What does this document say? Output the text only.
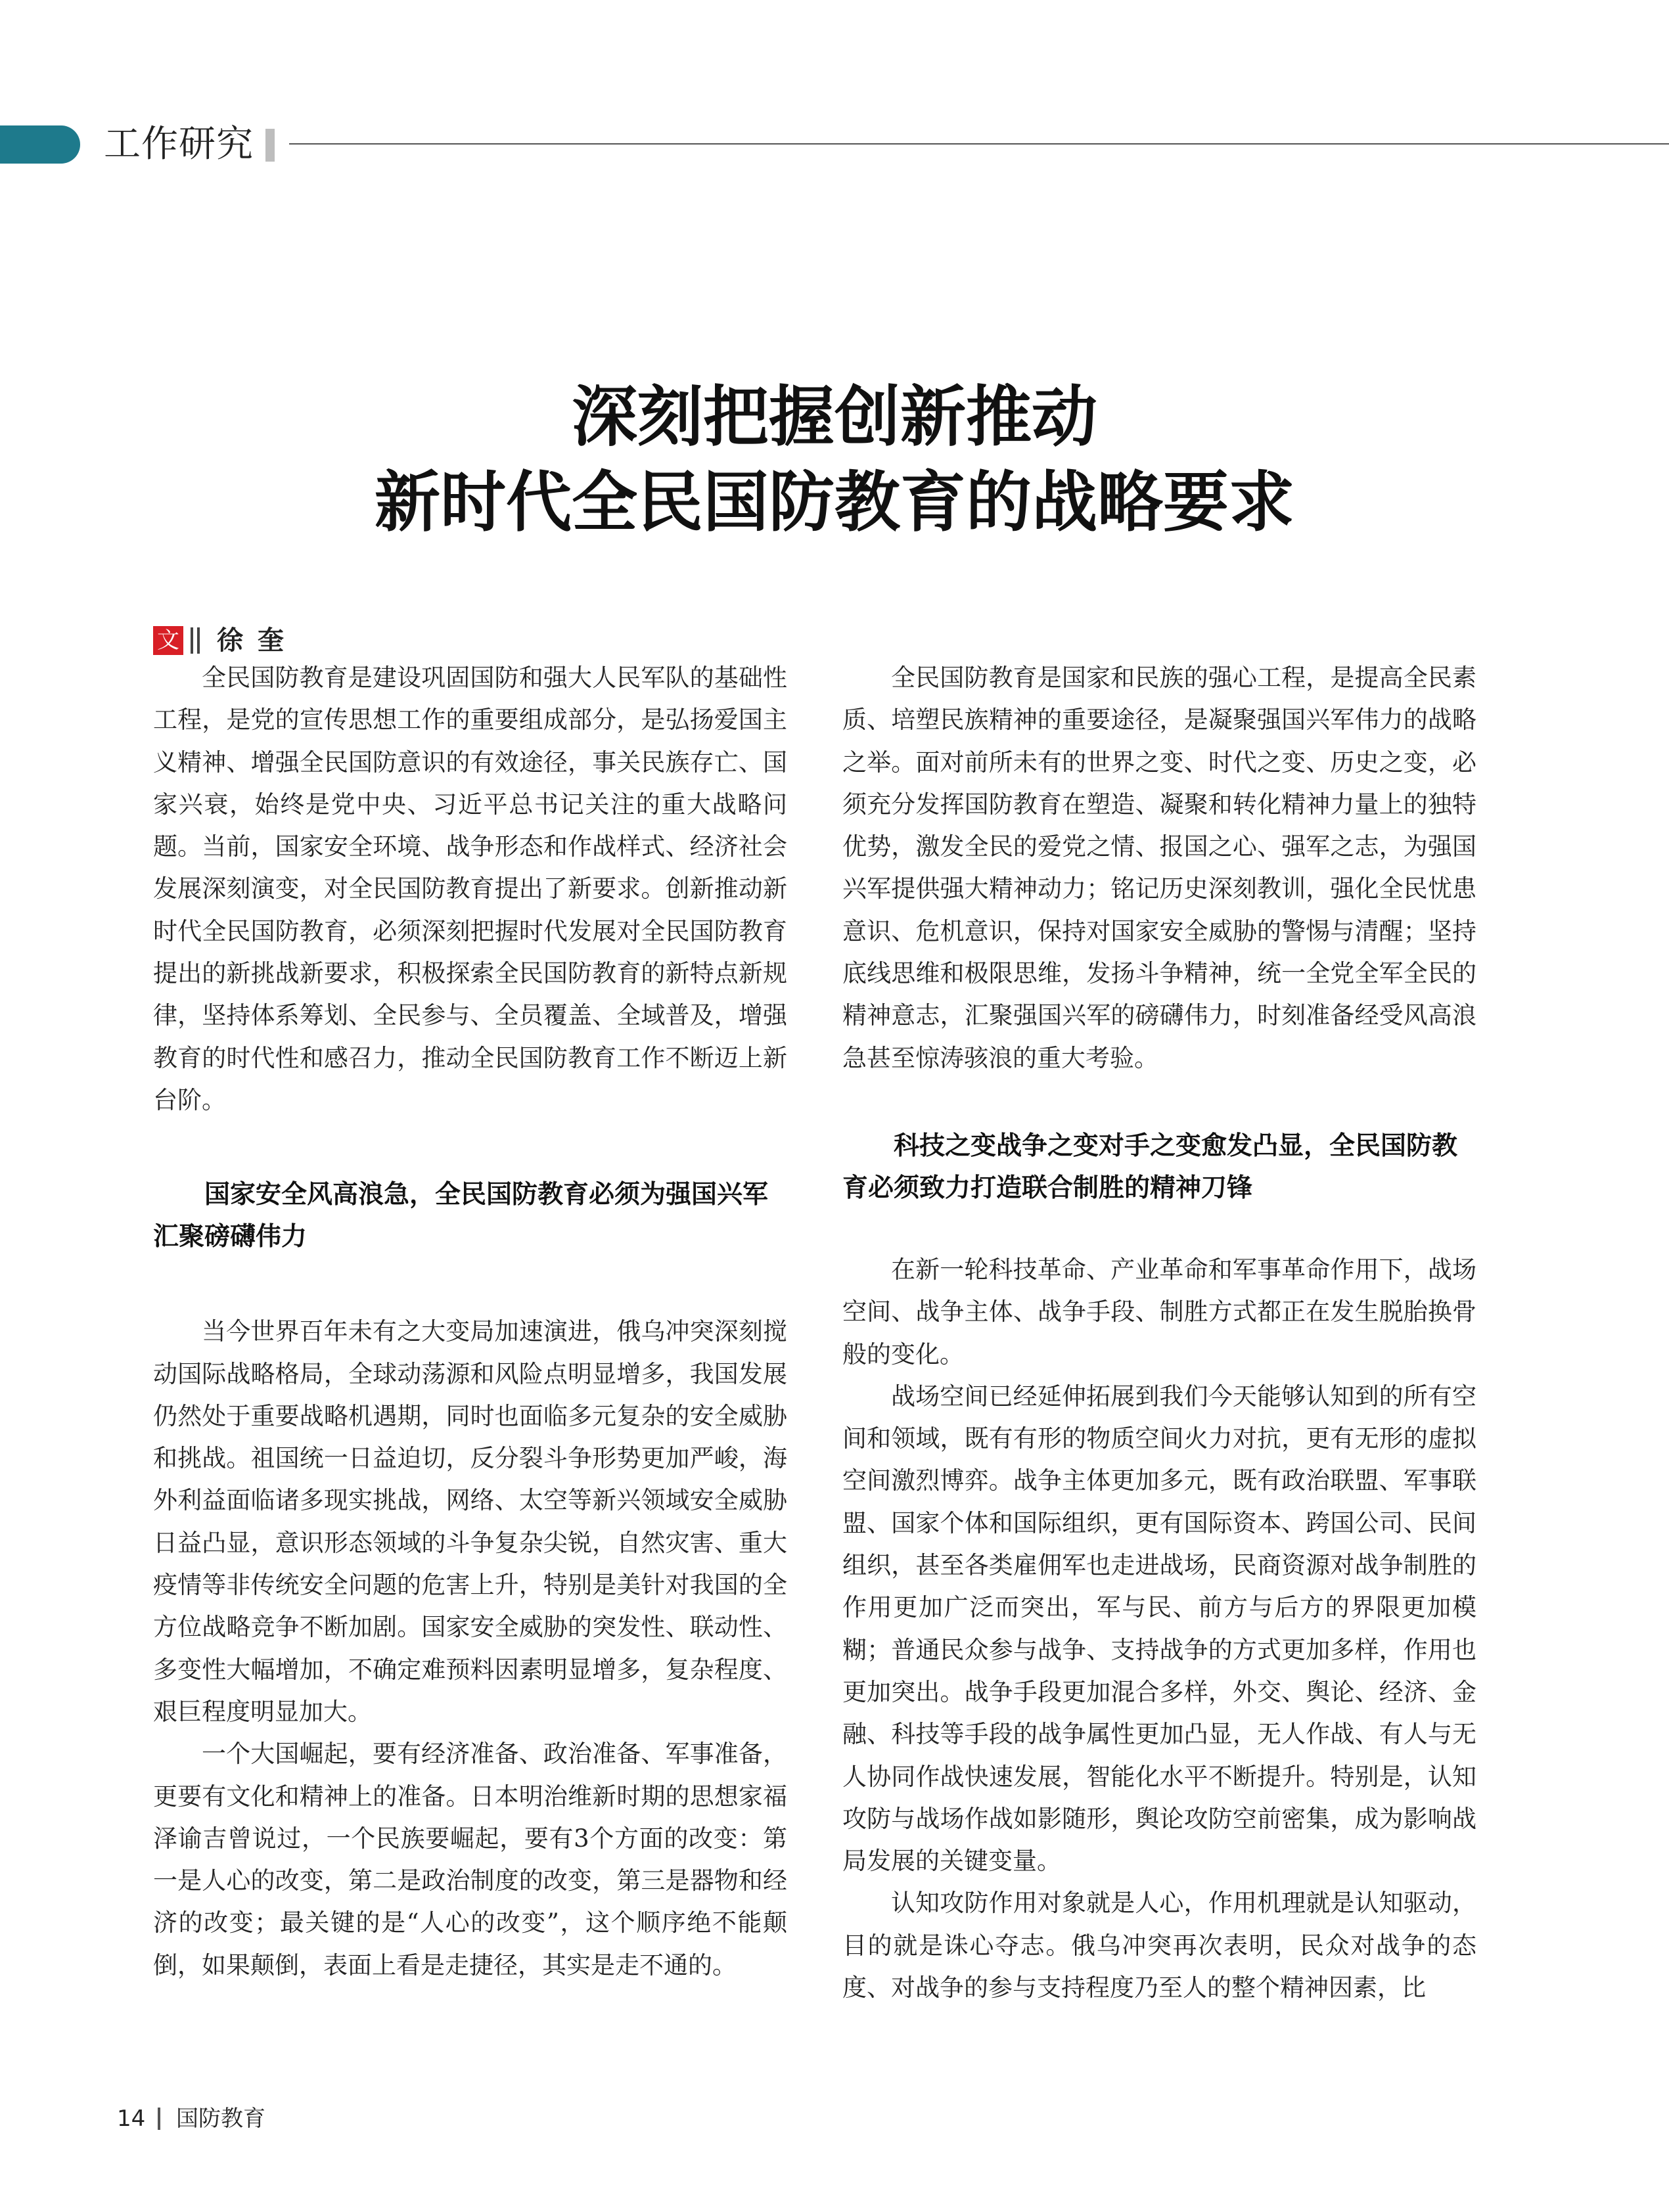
工作研究
深刻把握创新推动
新时代全民国防教育的战略要求
文 徐奎

全民国防教育是建设巩固国防和强大人民军队的基础性工程，是党的宣传思想工作的重要组成部分，是弘扬爱国主义精神、增强全民国防意识的有效途径，事关民族存亡、国家兴衰，始终是党中央、习近平总书记关注的重大战略问题。当前，国家安全环境、战争形态和作战样式、经济社会发展深刻演变，对全民国防教育提出了新要求。创新推动新时代全民国防教育，必须深刻把握时代发展对全民国防教育提出的新挑战新要求，积极探索全民国防教育的新特点新规律，坚持体系筹划、全民参与、全员覆盖、全域普及，增强教育的时代性和感召力，推动全民国防教育工作不断迈上新台阶。

国家安全风高浪急，全民国防教育必须为强国兴军汇聚磅礴伟力

当今世界百年未有之大变局加速演进，俄乌冲突深刻搅动国际战略格局，全球动荡源和风险点明显增多，我国发展仍然处于重要战略机遇期，同时也面临多元复杂的安全威胁和挑战。祖国统一日益迫切，反分裂斗争形势更加严峻，海外利益面临诸多现实挑战，网络、太空等新兴领域安全威胁日益凸显，意识形态领域的斗争复杂尖锐，自然灾害、重大疫情等非传统安全问题的危害上升，特别是美针对我国的全方位战略竞争不断加剧。国家安全威胁的突发性、联动性、多变性大幅增加，不确定难预料因素明显增多，复杂程度、艰巨程度明显加大。

一个大国崛起，要有经济准备、政治准备、军事准备，更要有文化和精神上的准备。日本明治维新时期的思想家福泽谕吉曾说过，一个民族要崛起，要有3个方面的改变：第一是人心的改变，第二是政治制度的改变，第三是器物和经济的改变；最关键的是“人心的改变”，这个顺序绝不能颠倒，如果颠倒，表面上看是走捷径，其实是走不通的。

全民国防教育是国家和民族的强心工程，是提高全民素质、培塑民族精神的重要途径，是凝聚强国兴军伟力的战略之举。面对前所未有的世界之变、时代之变、历史之变，必须充分发挥国防教育在塑造、凝聚和转化精神力量上的独特优势，激发全民的爱党之情、报国之心、强军之志，为强国兴军提供强大精神动力；铭记历史深刻教训，强化全民忧患意识、危机意识，保持对国家安全威胁的警惕与清醒；坚持底线思维和极限思维，发扬斗争精神，统一全党全军全民的精神意志，汇聚强国兴军的磅礴伟力，时刻准备经受风高浪急甚至惊涛骇浪的重大考验。

科技之变战争之变对手之变愈发凸显，全民国防教育必须致力打造联合制胜的精神刀锋

在新一轮科技革命、产业革命和军事革命作用下，战场空间、战争主体、战争手段、制胜方式都正在发生脱胎换骨般的变化。

战场空间已经延伸拓展到我们今天能够认知到的所有空间和领域，既有有形的物质空间火力对抗，更有无形的虚拟空间激烈博弈。战争主体更加多元，既有政治联盟、军事联盟、国家个体和国际组织，更有国际资本、跨国公司、民间组织，甚至各类雇佣军也走进战场，民商资源对战争制胜的作用更加广泛而突出，军与民、前方与后方的界限更加模糊；普通民众参与战争、支持战争的方式更加多样，作用也更加突出。战争手段更加混合多样，外交、舆论、经济、金融、科技等手段的战争属性更加凸显，无人作战、有人与无人协同作战快速发展，智能化水平不断提升。特别是，认知攻防与战场作战如影随形，舆论攻防空前密集，成为影响战局发展的关键变量。

认知攻防作用对象就是人心，作用机理就是认知驱动，目的就是诛心夺志。俄乌冲突再次表明，民众对战争的态度、对战争的参与支持程度乃至人的整个精神因素，比

14 国防教育
